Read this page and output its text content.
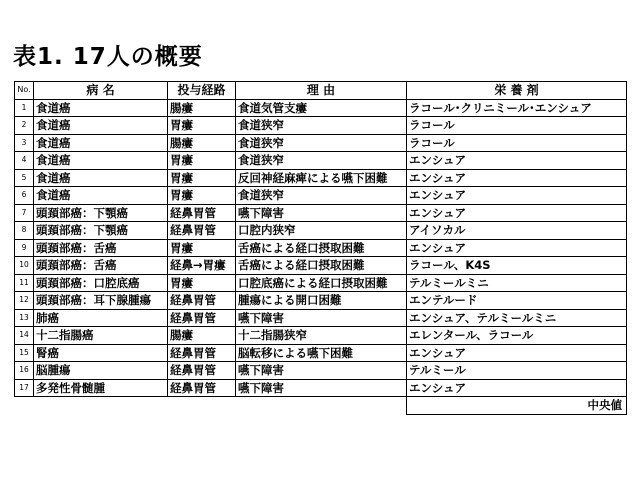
表1. 17人の概要
No.	病 名	投与経路	理 由	栄 養 剤
1	食道癌	腸瘻	食道気管支瘻	ラコール･クリニミール･エンシュア
2	食道癌	胃瘻	食道狭窄	ラコール
3	食道癌	腸瘻	食道狭窄	ラコール
4	食道癌	胃瘻	食道狭窄	エンシュア
5	食道癌	胃瘻	反回神経麻痺による嚥下困難	エンシュア
6	食道癌	胃瘻	食道狭窄	エンシュア
7	頭頚部癌：下顎癌	経鼻胃管	嚥下障害	エンシュア
8	頭頚部癌：下顎癌	経鼻胃管	口腔内狭窄	アイソカル
9	頭頚部癌：舌癌	胃瘻	舌癌による経口摂取困難	エンシュア
10	頭頚部癌：舌癌	経鼻→胃瘻	舌癌による経口摂取困難	ラコール、K4S
11	頭頚部癌：口腔底癌	胃瘻	口腔底癌による経口摂取困難	テルミールミニ
12	頭頚部癌：耳下腺腫瘍	経鼻胃管	腫瘍による開口困難	エンテルード
13	肺癌	経鼻胃管	嚥下障害	エンシュア、テルミールミニ
14	十二指腸癌	腸瘻	十二指腸狭窄	エレンタール、ラコール
15	腎癌	経鼻胃管	脳転移による嚥下困難	エンシュア
16	脳腫瘍	経鼻胃管	嚥下障害	テルミール
17	多発性骨髄腫	経鼻胃管	嚥下障害	エンシュア
				中央値
